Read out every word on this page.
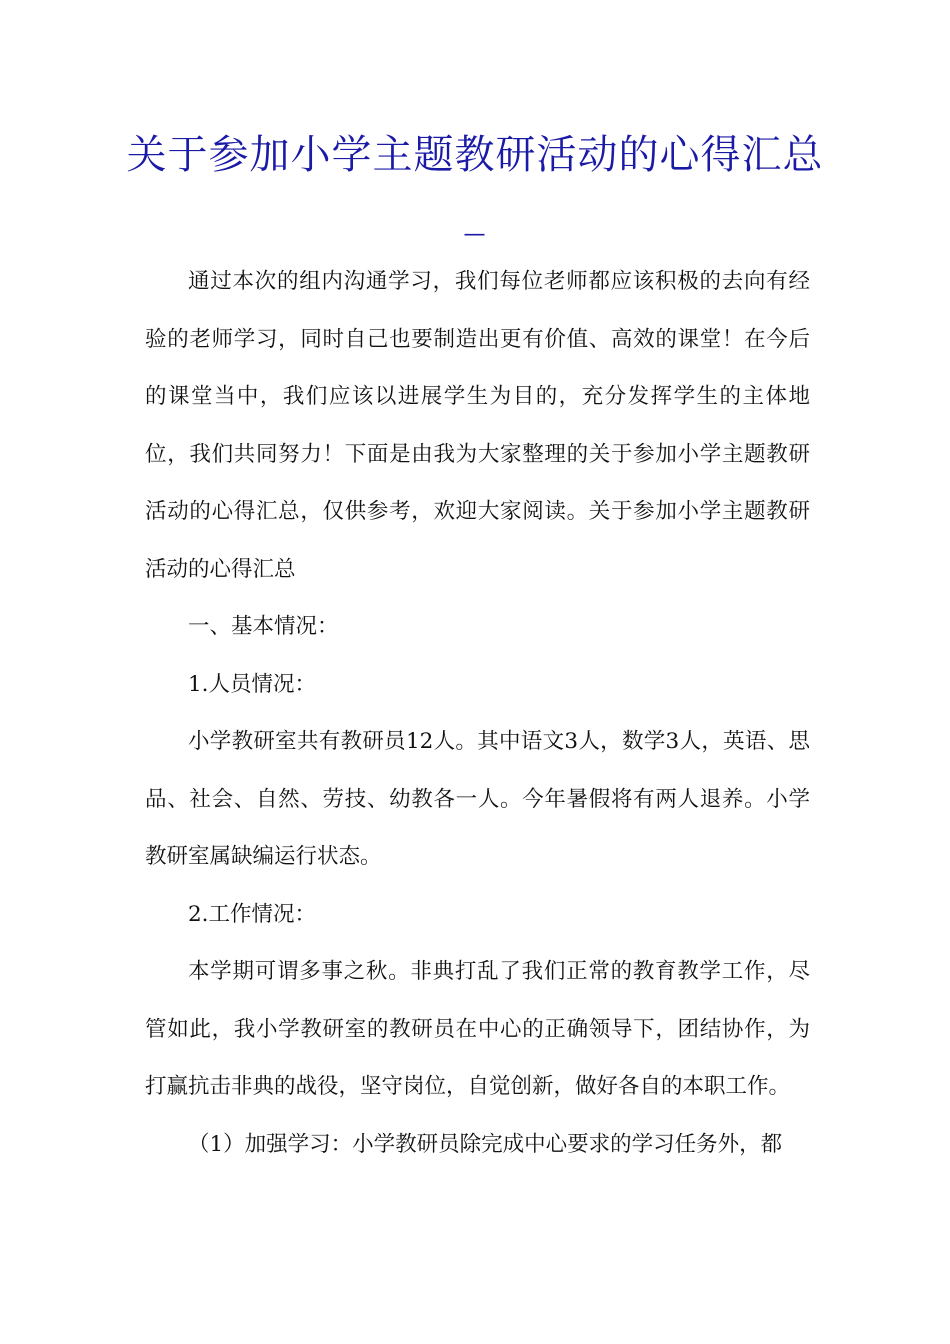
关于参加小学主题教研活动的心得汇总_

通过本次的组内沟通学习，我们每位老师都应该积极的去向有经验的老师学习，同时自己也要制造出更有价值、高效的课堂！在今后的课堂当中，我们应该以进展学生为目的，充分发挥学生的主体地位，我们共同努力！下面是由我为大家整理的关于参加小学主题教研活动的心得汇总，仅供参考，欢迎大家阅读。关于参加小学主题教研活动的心得汇总

一、基本情况：

1.人员情况：

小学教研室共有教研员12人。其中语文3人，数学3人，英语、思品、社会、自然、劳技、幼教各一人。今年暑假将有两人退养。小学教研室属缺编运行状态。

2.工作情况：

本学期可谓多事之秋。非典打乱了我们正常的教育教学工作，尽管如此，我小学教研室的教研员在中心的正确领导下，团结协作，为打赢抗击非典的战役，坚守岗位，自觉创新，做好各自的本职工作。

（1）加强学习：小学教研员除完成中心要求的学习任务外，都
